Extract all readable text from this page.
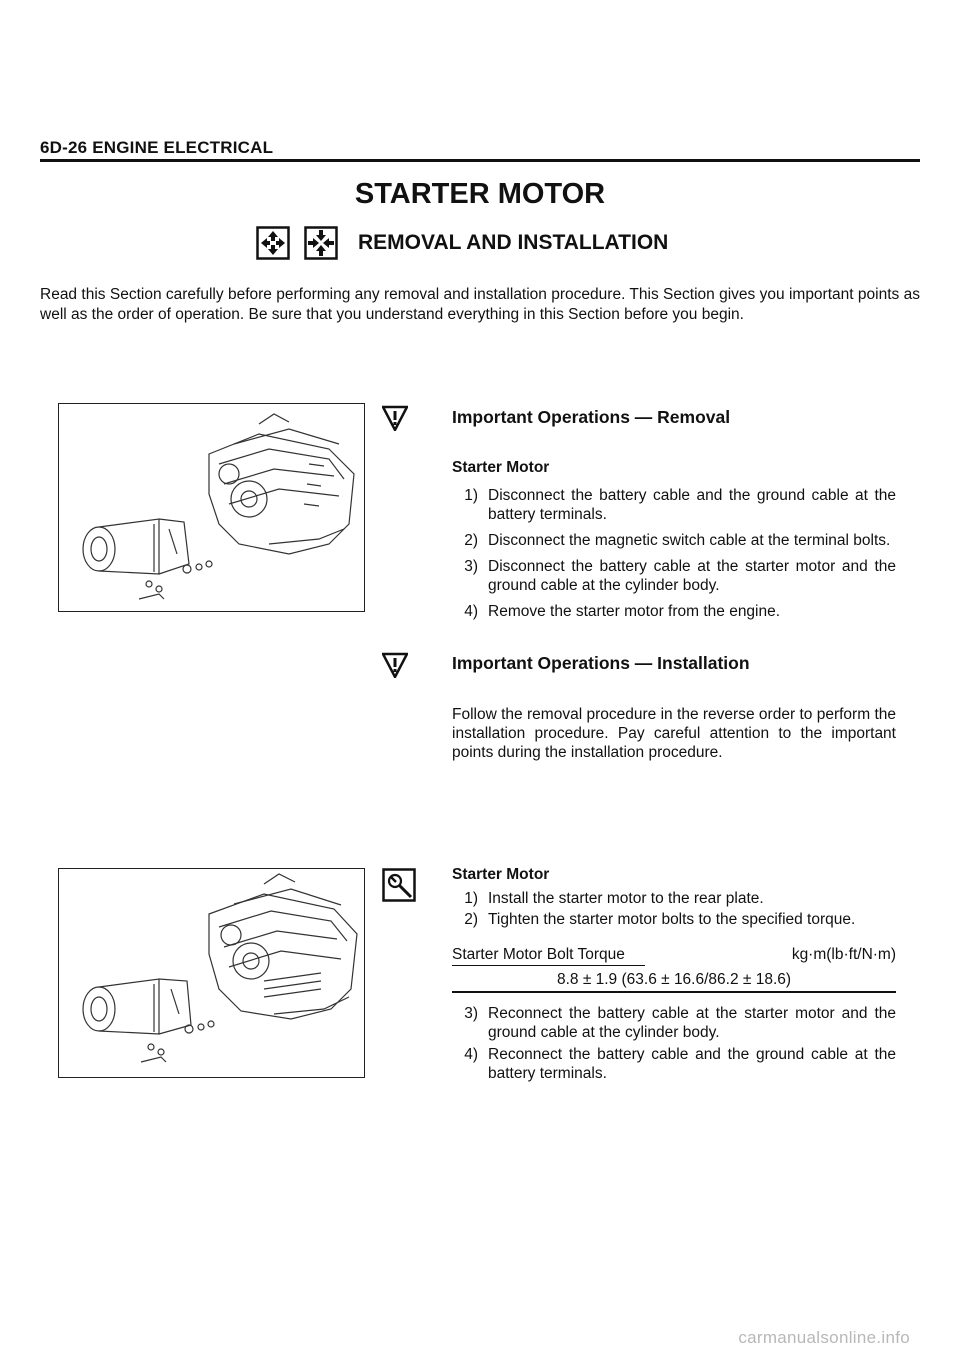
6D-26 ENGINE ELECTRICAL
STARTER MOTOR
REMOVAL AND INSTALLATION
Read this Section carefully before performing any removal and installation procedure. This Section gives you important points as well as the order of operation. Be sure that you understand everything in this Section before you begin.
Important Operations — Removal
Starter Motor
1) Disconnect the battery cable and the ground cable at the battery terminals.
2) Disconnect the magnetic switch cable at the terminal bolts.
3) Disconnect the battery cable at the starter motor and the ground cable at the cylinder body.
4) Remove the starter motor from the engine.
Important Operations — Installation
Follow the removal procedure in the reverse order to perform the installation procedure. Pay careful attention to the important points during the installation procedure.
Starter Motor
1) Install the starter motor to the rear plate.
2) Tighten the starter motor bolts to the specified torque.
Starter Motor Bolt Torque	kg·m(lb·ft/N·m)
8.8 ± 1.9 (63.6 ± 16.6/86.2 ± 18.6)
3) Reconnect the battery cable at the starter motor and the ground cable at the cylinder body.
4) Reconnect the battery cable and the ground cable at the battery terminals.
carmanualsonline.info
